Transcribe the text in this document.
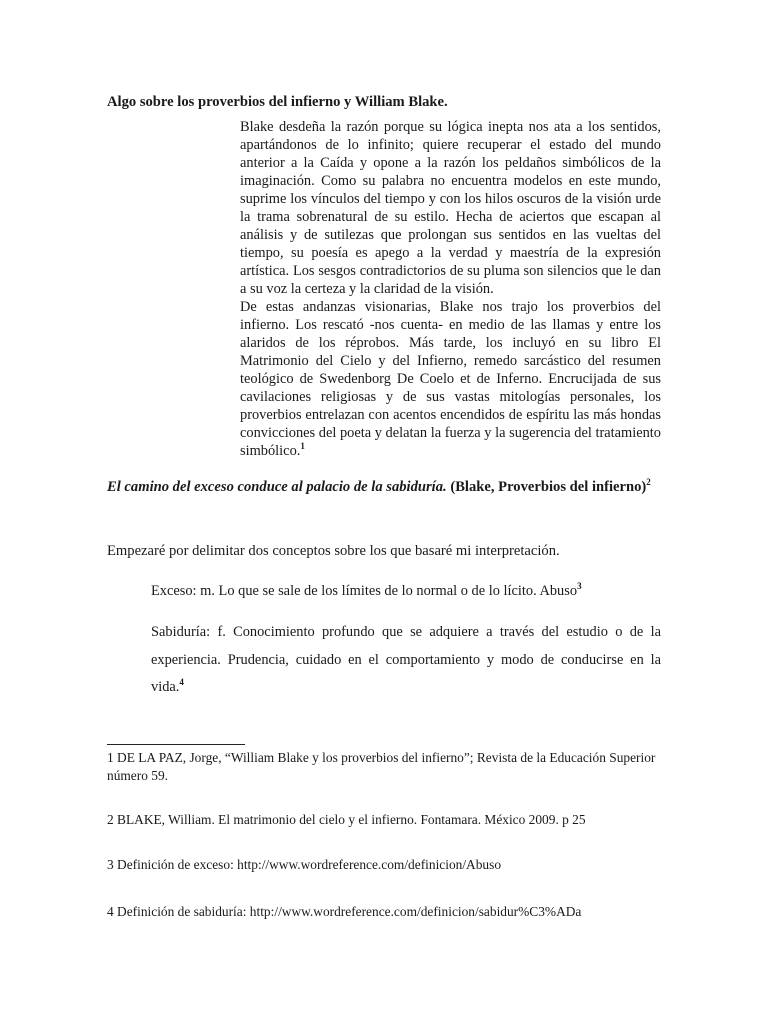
Algo sobre los proverbios del infierno y William Blake.

Blake desdeña la razón porque su lógica inepta nos ata a los sentidos, apartándonos de lo infinito; quiere recuperar el estado del mundo anterior a la Caída y opone a la razón los peldaños simbólicos de la imaginación. Como su palabra no encuentra modelos en este mundo, suprime los vínculos del tiempo y con los hilos oscuros de la visión urde la trama sobrenatural de su estilo. Hecha de aciertos que escapan al análisis y de sutilezas que prolongan sus sentidos en las vueltas del tiempo, su poesía es apego a la verdad y maestría de la expresión artística. Los sesgos contradictorios de su pluma son silencios que le dan a su voz la certeza y la claridad de la visión.

De estas andanzas visionarias, Blake nos trajo los proverbios del infierno. Los rescató -nos cuenta- en medio de las llamas y entre los alaridos de los réprobos. Más tarde, los incluyó en su libro El Matrimonio del Cielo y del Infierno, remedo sarcástico del resumen teológico de Swedenborg De Coelo et de Inferno. Encrucijada de sus cavilaciones religiosas y de sus vastas mitologías personales, los proverbios entrelazan con acentos encendidos de espíritu las más hondas convicciones del poeta y delatan la fuerza y la sugerencia del tratamiento simbólico.$^1$

El camino del exceso conduce al palacio de la sabiduría. (Blake, Proverbios del infierno)$^2$
Empezaré por delimitar dos conceptos sobre los que basaré mi interpretación.
Exceso: m. Lo que se sale de los límites de lo normal o de lo lícito. Abuso$^3$
Sabiduría: f. Conocimiento profundo que se adquiere a través del estudio o de la experiencia. Prudencia, cuidado en el comportamiento y modo de conducirse en la vida.$^4$
1 DE LA PAZ, Jorge, “William Blake y los proverbios del infierno”; Revista de la Educación Superior número 59.
2 BLAKE, William. El matrimonio del cielo y el infierno. Fontamara. México 2009. p 25
3 Definición de exceso: http://www.wordreference.com/definicion/Abuso
4 Definición de sabiduría: http://www.wordreference.com/definicion/sabidur%C3%ADa
